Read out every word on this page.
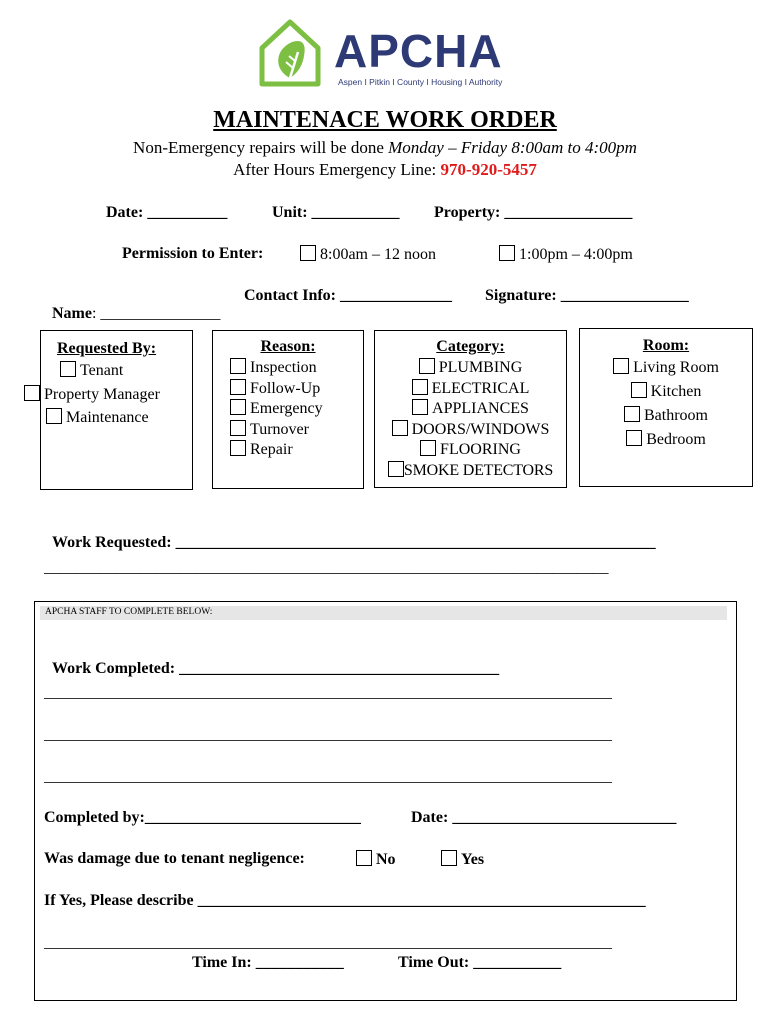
APCHA
Aspen I Pitkin I County I Housing I Authority
MAINTENACE WORK ORDER
Non-Emergency repairs will be done Monday – Friday 8:00am to 4:00pm
After Hours Emergency Line: 970-920-5457
Date: __________	Unit: ___________ Property: ________________
Permission to Enter:	8:00am – 12 noon	1:00pm – 4:00pm

Name: _______________

Contact Info: ______________ Signature: ________________
Requested By:
Tenant
Property Manager
Maintenance
Reason:
Inspection
Follow-Up
Emergency
Turnover
Repair
Category:
PLUMBING
ELECTRICAL
APPLIANCES
DOORS/WINDOWS
FLOORING
SMOKE DETECTORS
Room:
Living Room
Kitchen
Bathroom
Bedroom

Work Requested: ____________________________________________________________

_______________________________________________________________________
APCHA STAFF TO COMPLETE BELOW:

Work Completed: ________________________________________

_______________________________________________________________________
_______________________________________________________________________
_______________________________________________________________________
Completed by:___________________________	Date: ____________________________
Was damage due to tenant negligence:	No	Yes
If Yes, Please describe ________________________________________________________
_______________________________________________________________________
Time In: ___________	Time Out: ___________
